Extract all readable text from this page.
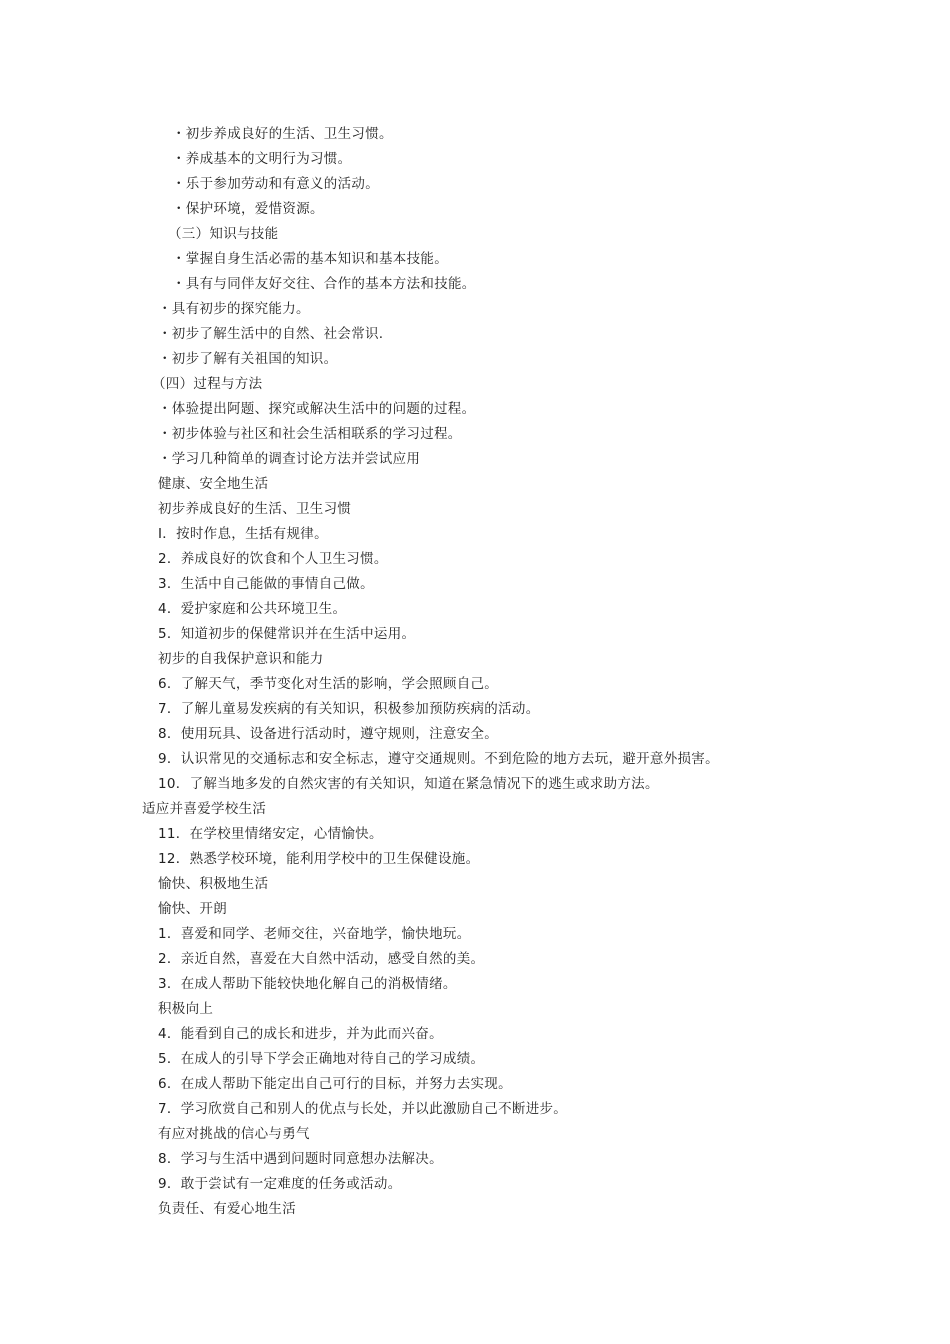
・初步养成良好的生活、卫生习惯。
・养成基本的文明行为习惯。
・乐于参加劳动和有意义的活动。
・保护环境，爱惜资源。
（三）知识与技能
・掌握自身生活必需的基本知识和基本技能。
・具有与同伴友好交往、合作的基本方法和技能。
・具有初步的探究能力。
・初步了解生活中的自然、社会常识.
・初步了解有关祖国的知识。
（四）过程与方法
・体验提出阿题、探究或解决生活中的问题的过程。
・初步体验与社区和社会生活相联系的学习过程。
・学习几种简单的调查讨论方法并尝试应用
健康、安全地生活
初步养成良好的生活、卫生习惯
I．按时作息，生括有规律。
2．养成良好的饮食和个人卫生习惯。
3．生活中自己能做的事情自己做。
4．爱护家庭和公共环境卫生。
5．知道初步的保健常识并在生活中运用。
初步的自我保护意识和能力
6．了解天气，季节变化对生活的影响，学会照顾自己。
7．了解儿童易发疾病的有关知识，积极参加预防疾病的活动。
8．使用玩具、设备进行活动时，遵守规则，注意安全。
9．认识常见的交通标志和安全标志，遵守交通规则。不到危险的地方去玩，避开意外损害。
10．了解当地多发的自然灾害的有关知识，知道在紧急情况下的逃生或求助方法。
适应并喜爱学校生活
11．在学校里情绪安定，心情愉快。
12．熟悉学校环境，能利用学校中的卫生保健设施。
愉快、积极地生活
愉快、开朗
1．喜爱和同学、老师交往，兴奋地学，愉快地玩。
2．亲近自然，喜爱在大自然中活动，感受自然的美。
3．在成人帮助下能较快地化解自己的消极情绪。
积极向上
4．能看到自己的成长和进步，并为此而兴奋。
5．在成人的引导下学会正确地对待自己的学习成绩。
6．在成人帮助下能定出自己可行的目标，并努力去实现。
7．学习欣赏自己和别人的优点与长处，并以此激励自己不断进步。
有应对挑战的信心与勇气
8．学习与生活中遇到问题时同意想办法解决。
9．敢于尝试有一定难度的任务或活动。
负责任、有爱心地生活
